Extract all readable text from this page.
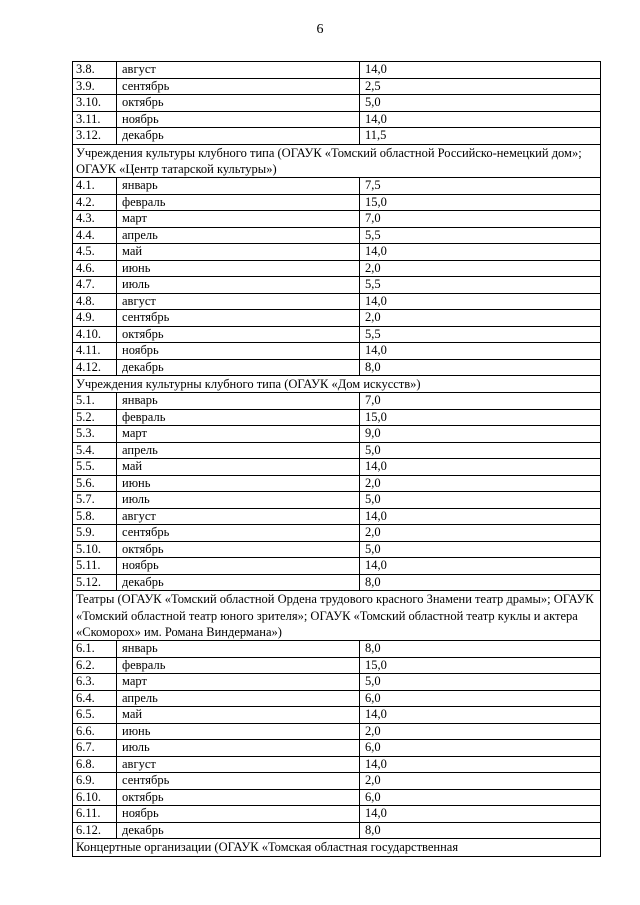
6
3.8.	август	14,0
3.9.	сентябрь	2,5
3.10.	октябрь	5,0
3.11.	ноябрь	14,0
3.12.	декабрь	11,5
Учреждения культуры клубного типа (ОГАУК «Томский областной Российско-немецкий дом»; ОГАУК «Центр татарской культуры»)		
4.1.	январь	7,5
4.2.	февраль	15,0
4.3.	март	7,0
4.4.	апрель	5,5
4.5.	май	14,0
4.6.	июнь	2,0
4.7.	июль	5,5
4.8.	август	14,0
4.9.	сентябрь	2,0
4.10.	октябрь	5,5
4.11.	ноябрь	14,0
4.12.	декабрь	8,0
Учреждения культурны клубного типа (ОГАУК «Дом искусств»)		
5.1.	январь	7,0
5.2.	февраль	15,0
5.3.	март	9,0
5.4.	апрель	5,0
5.5.	май	14,0
5.6.	июнь	2,0
5.7.	июль	5,0
5.8.	август	14,0
5.9.	сентябрь	2,0
5.10.	октябрь	5,0
5.11.	ноябрь	14,0
5.12.	декабрь	8,0
Театры (ОГАУК «Томский областной Ордена трудового красного Знамени театр драмы»; ОГАУК «Томский областной театр юного зрителя»; ОГАУК «Томский областной театр куклы и актера «Скоморох» им. Романа Виндермана»)		
6.1.	январь	8,0
6.2.	февраль	15,0
6.3.	март	5,0
6.4.	апрель	6,0
6.5.	май	14,0
6.6.	июнь	2,0
6.7.	июль	6,0
6.8.	август	14,0
6.9.	сентябрь	2,0
6.10.	октябрь	6,0
6.11.	ноябрь	14,0
6.12.	декабрь	8,0
Концертные организации (ОГАУК «Томская областная государственная		
